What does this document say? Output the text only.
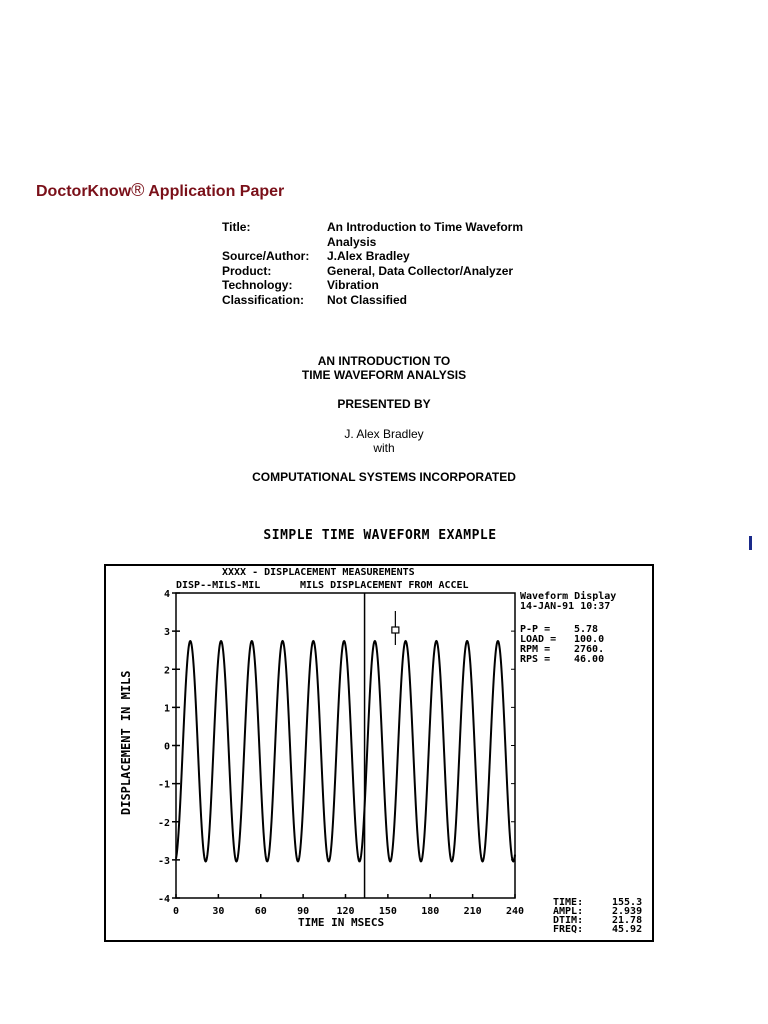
DoctorKnow® Application Paper
Title:	An Introduction to Time Waveform Analysis
Source/Author:	J.Alex Bradley
Product:	General, Data Collector/Analyzer
Technology:	Vibration
Classification:	Not Classified
AN INTRODUCTION TO
TIME WAVEFORM ANALYSIS
PRESENTED BY
J. Alex Bradley
with
COMPUTATIONAL SYSTEMS INCORPORATED
SIMPLE TIME WAVEFORM EXAMPLE
XXXX - DISPLACEMENT MEASUREMENTS
DISP--MILS-MIL	MILS DISPLACEMENT FROM ACCEL
4
3
2
1
0
-1
-2
-3
-4
0	30	60	90	120 150 180 210 240
TIME IN MSECS
DISPLACEMENT IN MILS
Waveform Display
14-JAN-91 10:37
P-P = 5.78
LOAD = 100.0
RPM = 2760.
RPS = 46.00
TIME:	155.3
AMPL:	2.939
DTIM:	21.78
FREQ:	45.92
